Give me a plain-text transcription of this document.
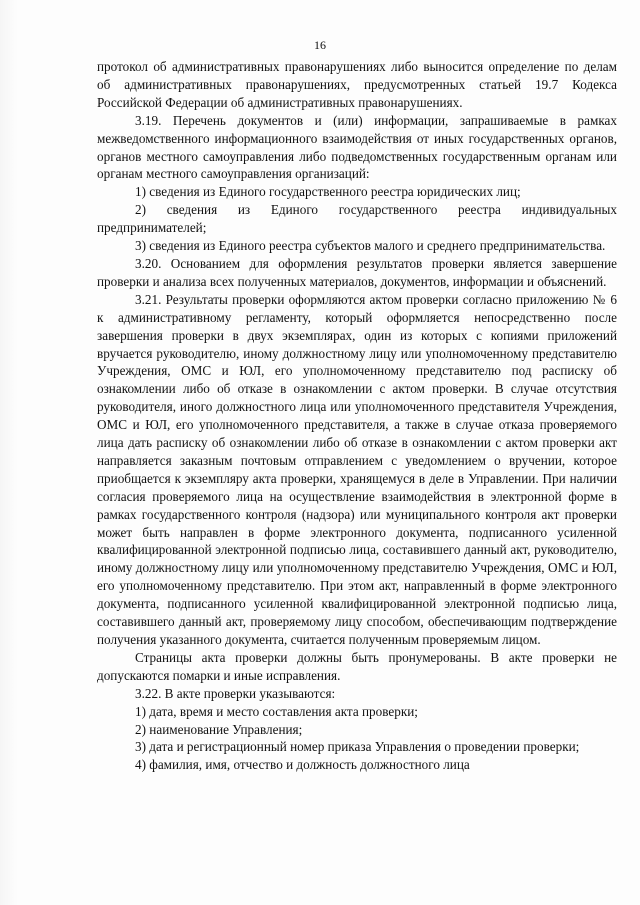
16

протокол об административных правонарушениях либо выносится определение по делам об административных правонарушениях, предусмотренных статьей 19.7 Кодекса Российской Федерации об административных правонарушениях.

3.19. Перечень документов и (или) информации, запрашиваемые в рамках межведомственного информационного взаимодействия от иных государственных органов, органов местного самоуправления либо подведомственных государственным органам или органам местного самоуправления организаций:

1) сведения из Единого государственного реестра юридических лиц;

2) сведения из Единого государственного реестра индивидуальных предпринимателей;

3) сведения из Единого реестра субъектов малого и среднего предпринимательства.

3.20. Основанием для оформления результатов проверки является завершение проверки и анализа всех полученных материалов, документов, информации и объяснений.

3.21. Результаты проверки оформляются актом проверки согласно приложению № 6 к административному регламенту, который оформляется непосредственно после завершения проверки в двух экземплярах, один из которых с копиями приложений вручается руководителю, иному должностному лицу или уполномоченному представителю Учреждения, ОМС и ЮЛ, его уполномоченному представителю под расписку об ознакомлении либо об отказе в ознакомлении с актом проверки. В случае отсутствия руководителя, иного должностного лица или уполномоченного представителя Учреждения, ОМС и ЮЛ, его уполномоченного представителя, а также в случае отказа проверяемого лица дать расписку об ознакомлении либо об отказе в ознакомлении с актом проверки акт направляется заказным почтовым отправлением с уведомлением о вручении, которое приобщается к экземпляру акта проверки, хранящемуся в деле в Управлении. При наличии согласия проверяемого лица на осуществление взаимодействия в электронной форме в рамках государственного контроля (надзора) или муниципального контроля акт проверки может быть направлен в форме электронного документа, подписанного усиленной квалифицированной электронной подписью лица, составившего данный акт, руководителю, иному должностному лицу или уполномоченному представителю Учреждения, ОМС и ЮЛ, его уполномоченному представителю. При этом акт, направленный в форме электронного документа, подписанного усиленной квалифицированной электронной подписью лица, составившего данный акт, проверяемому лицу способом, обеспечивающим подтверждение получения указанного документа, считается полученным проверяемым лицом.

Страницы акта проверки должны быть пронумерованы. В акте проверки не допускаются помарки и иные исправления.

3.22. В акте проверки указываются:

1) дата, время и место составления акта проверки;

2) наименование Управления;

3) дата и регистрационный номер приказа Управления о проведении проверки;

4) фамилия, имя, отчество и должность должностного лица
